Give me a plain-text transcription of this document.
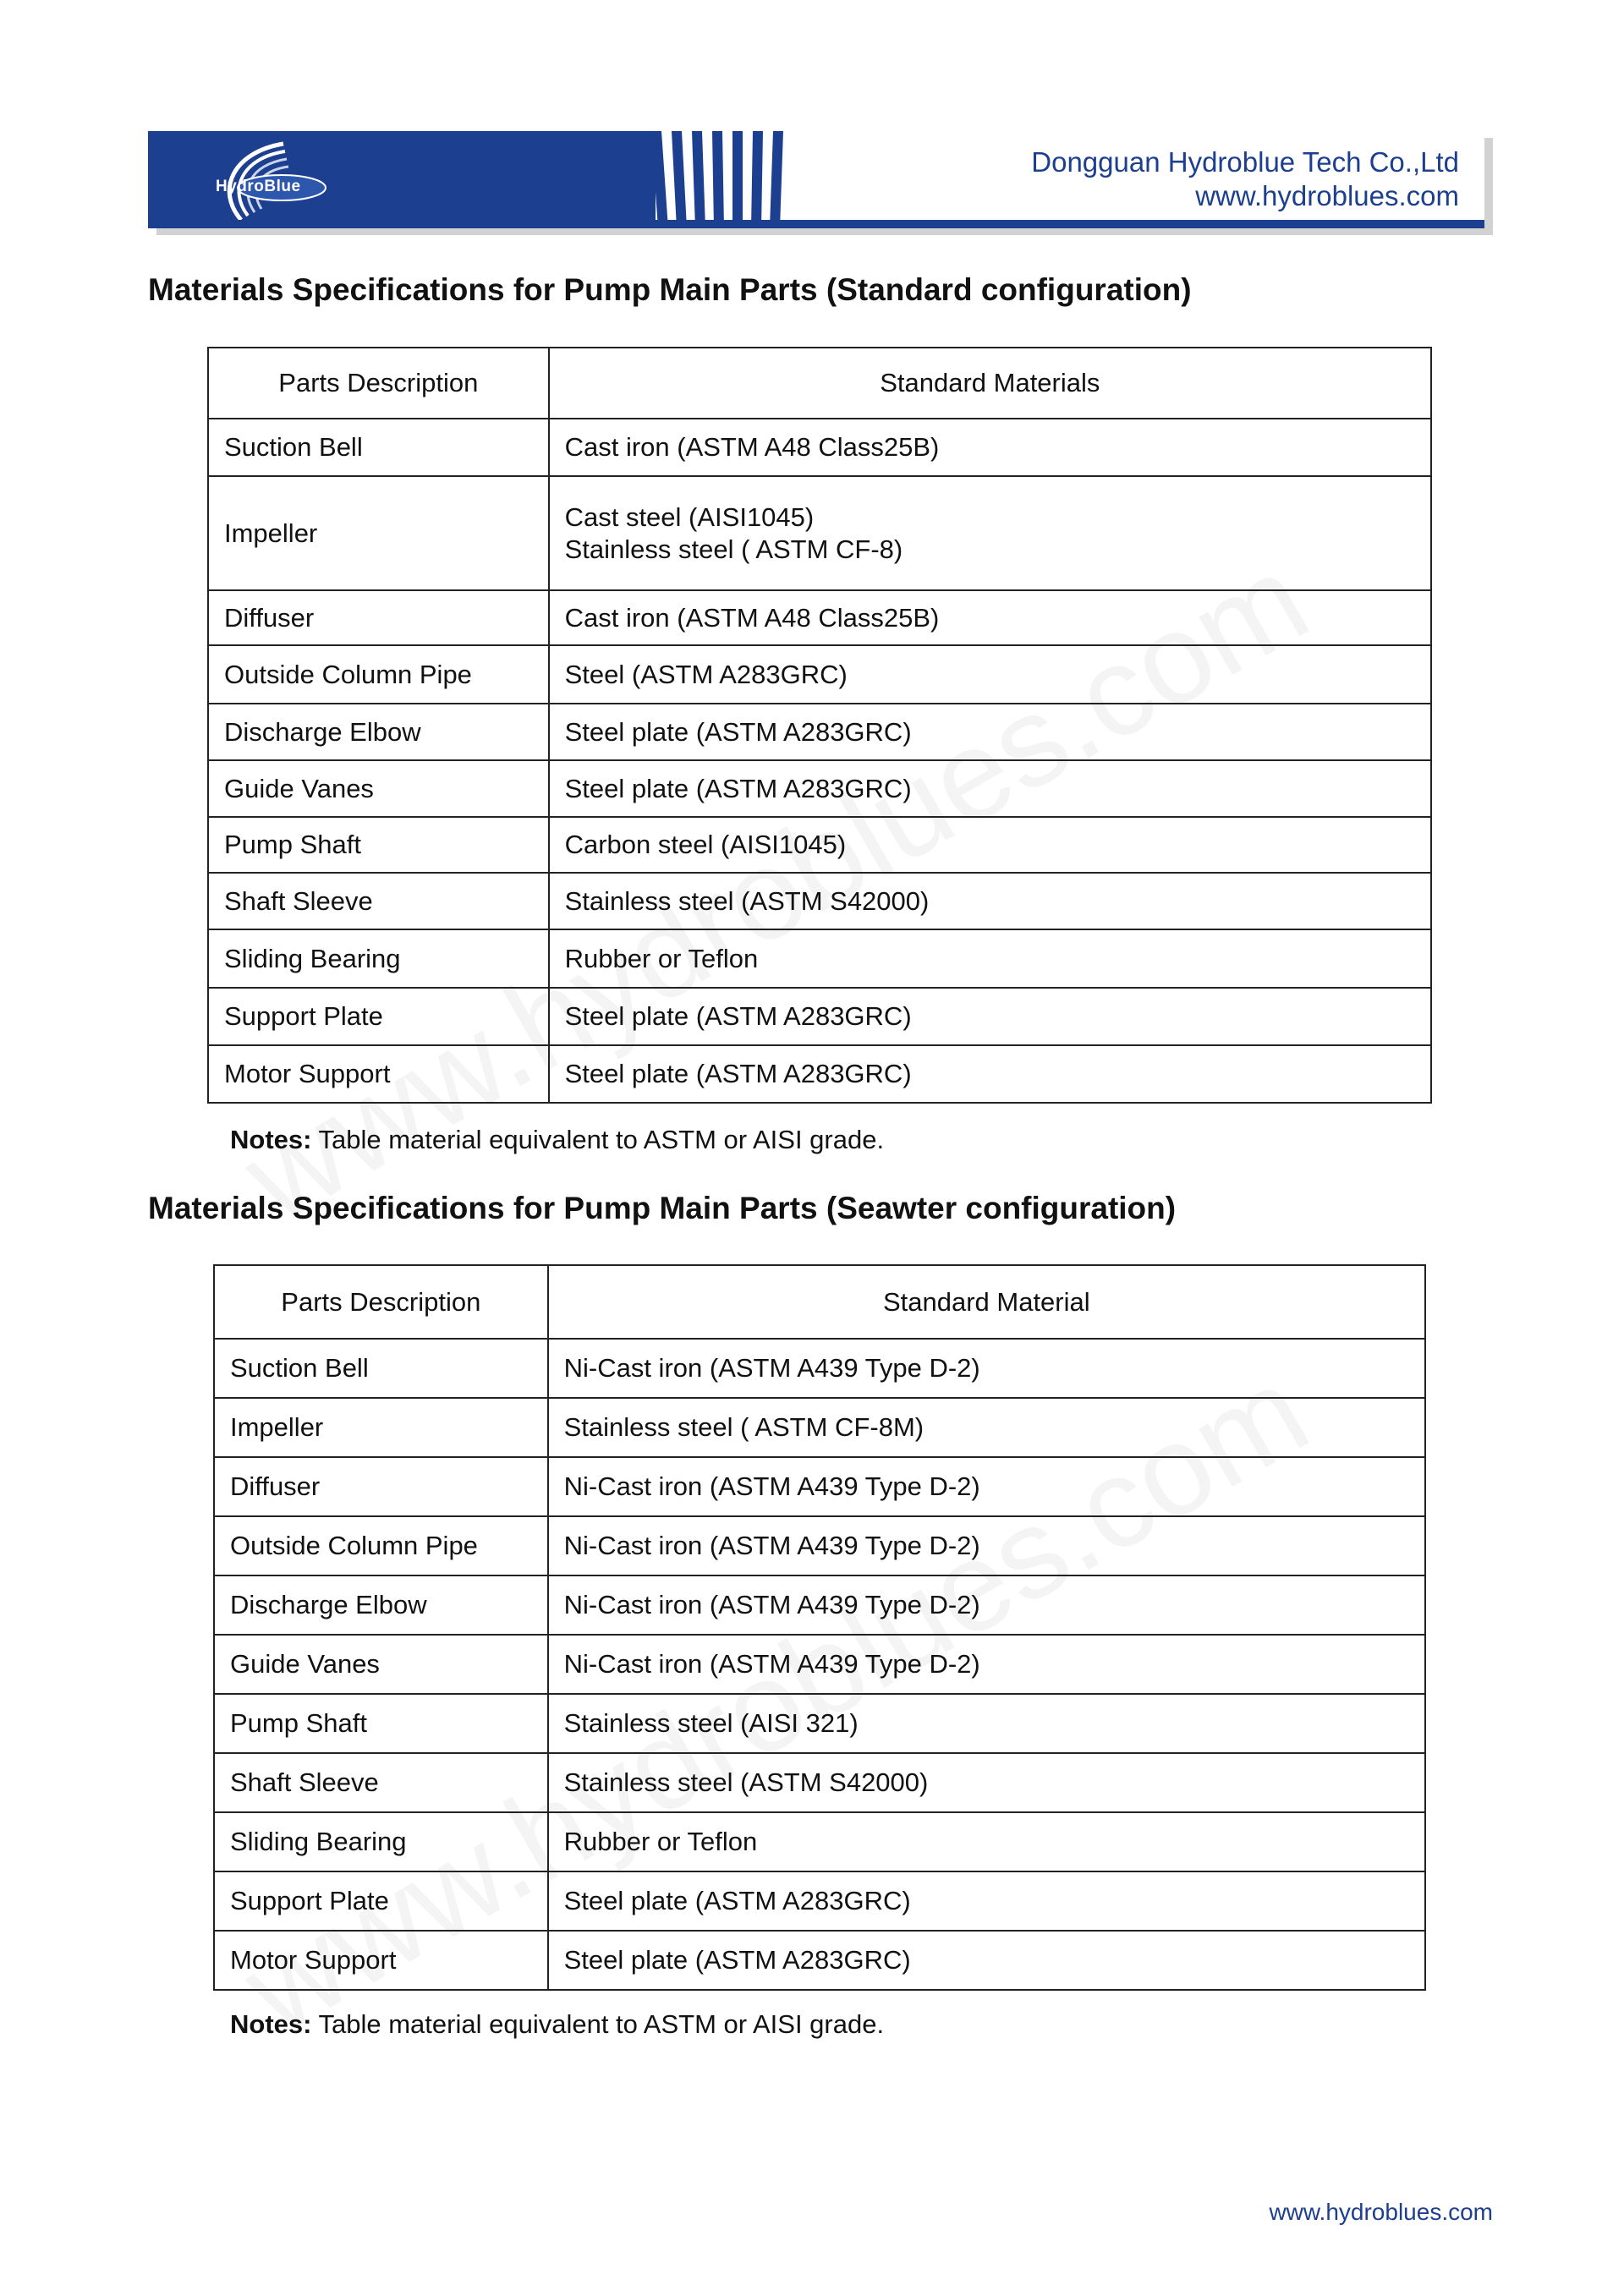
HydroBlue
Dongguan Hydroblue Tech Co.,Ltd
www.hydroblues.com
Materials Specifications for Pump Main Parts (Standard configuration)
Parts Description	Standard Materials
Suction Bell	Cast iron (ASTM A48 Class25B)
Impeller	Cast steel (AISI1045)
Stainless steel ( ASTM CF-8)

Diffuser	Cast iron (ASTM A48 Class25B)
Outside Column Pipe	Steel (ASTM A283GRC)
Discharge Elbow	Steel plate (ASTM A283GRC)
Guide Vanes	Steel plate (ASTM A283GRC)
Pump Shaft	Carbon steel (AISI1045)
Shaft Sleeve	Stainless steel (ASTM S42000)
Sliding Bearing	Rubber or Teflon
Support Plate	Steel plate (ASTM A283GRC)
Motor Support	Steel plate (ASTM A283GRC)
Notes: Table material equivalent to ASTM or AISI grade.
Materials Specifications for Pump Main Parts (Seawter configuration)
Parts Description	Standard Material
Suction Bell	Ni-Cast iron (ASTM A439 Type D-2)
Impeller	Stainless steel ( ASTM CF-8M)
Diffuser	Ni-Cast iron (ASTM A439 Type D-2)
Outside Column Pipe	Ni-Cast iron (ASTM A439 Type D-2)
Discharge Elbow	Ni-Cast iron (ASTM A439 Type D-2)
Guide Vanes	Ni-Cast iron (ASTM A439 Type D-2)
Pump Shaft	Stainless steel (AISI 321)
Shaft Sleeve	Stainless steel (ASTM S42000)
Sliding Bearing	Rubber or Teflon
Support Plate	Steel plate (ASTM A283GRC)
Motor Support	Steel plate (ASTM A283GRC)
Notes: Table material equivalent to ASTM or AISI grade.
www.hydroblues.com
